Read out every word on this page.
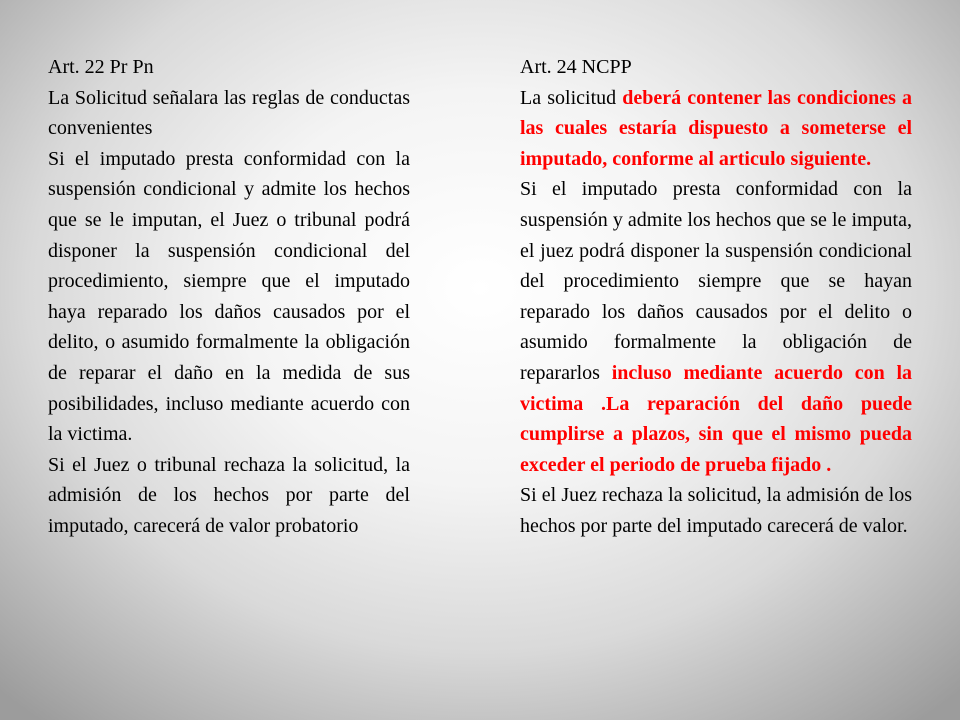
Art. 22 Pr Pn

La Solicitud señalara las reglas de conductas convenientes

Si el imputado presta conformidad con la suspensión condicional y admite los hechos que se le imputan, el Juez o tribunal podrá disponer la suspensión condicional del procedimiento, siempre que el imputado haya reparado los daños causados por el delito, o asumido formalmente la obligación de reparar el daño en la medida de sus posibilidades, incluso mediante acuerdo con la victima.

Si el Juez o tribunal rechaza la solicitud, la admisión de los hechos por parte del imputado, carecerá de valor probatorio

Art. 24 NCPP

La solicitud deberá contener las condiciones a las cuales estaría dispuesto a someterse el imputado, conforme al articulo siguiente.

Si el imputado presta conformidad con la suspensión y admite los hechos que se le imputa, el juez podrá disponer la suspensión condicional del procedimiento siempre que se hayan reparado los daños causados por el delito o asumido formalmente la obligación de repararlos incluso mediante acuerdo con la victima .La reparación del daño puede cumplirse a plazos, sin que el mismo pueda exceder el periodo de prueba fijado .

Si el Juez rechaza la solicitud, la admisión de los hechos por parte del imputado carecerá de valor.
